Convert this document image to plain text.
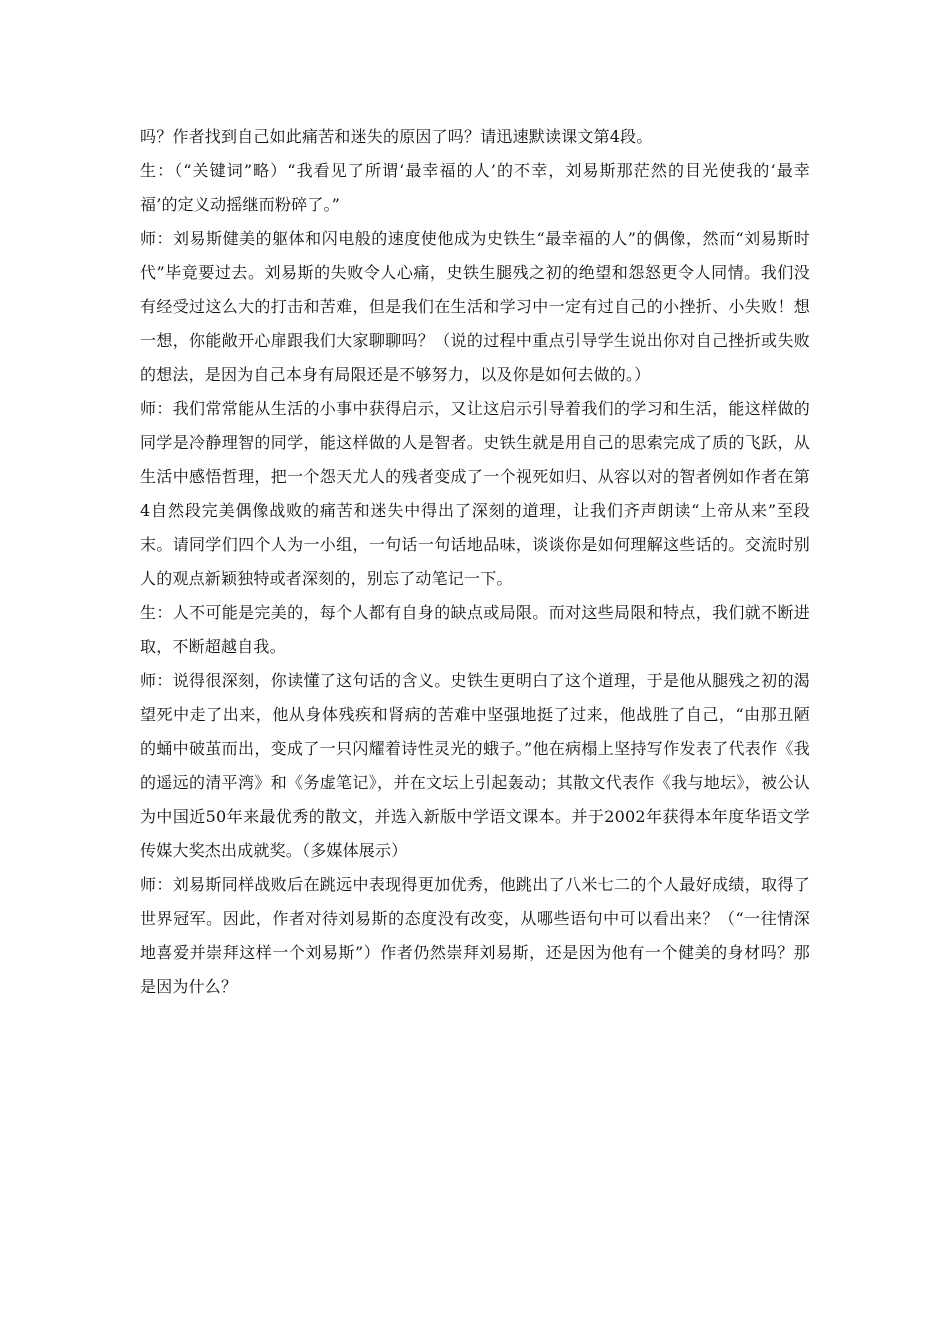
吗？作者找到自己如此痛苦和迷失的原因了吗？请迅速默读课文第4段。

生：（“关键词”略）“我看见了所谓‘最幸福的人’的不幸，刘易斯那茫然的目光使我的‘最幸福’的定义动摇继而粉碎了。”

师：刘易斯健美的躯体和闪电般的速度使他成为史铁生“最幸福的人”的偶像，然而“刘易斯时代”毕竟要过去。刘易斯的失败令人心痛，史铁生腿残之初的绝望和怨怒更令人同情。我们没有经受过这么大的打击和苦难，但是我们在生活和学习中一定有过自己的小挫折、小失败！想一想，你能敞开心扉跟我们大家聊聊吗？（说的过程中重点引导学生说出你对自己挫折或失败的想法，是因为自己本身有局限还是不够努力，以及你是如何去做的。）

师：我们常常能从生活的小事中获得启示，又让这启示引导着我们的学习和生活，能这样做的同学是冷静理智的同学，能这样做的人是智者。史铁生就是用自己的思索完成了质的飞跃，从生活中感悟哲理，把一个怨天尤人的残者变成了一个视死如归、从容以对的智者例如作者在第4自然段完美偶像战败的痛苦和迷失中得出了深刻的道理，让我们齐声朗读“上帝从来”至段末。请同学们四个人为一小组，一句话一句话地品味，谈谈你是如何理解这些话的。交流时别人的观点新颖独特或者深刻的，别忘了动笔记一下。

生：人不可能是完美的，每个人都有自身的缺点或局限。而对这些局限和特点，我们就不断进取，不断超越自我。

师：说得很深刻，你读懂了这句话的含义。史铁生更明白了这个道理，于是他从腿残之初的渴望死中走了出来，他从身体残疾和肾病的苦难中坚强地挺了过来，他战胜了自己，“由那丑陋的蛹中破茧而出，变成了一只闪耀着诗性灵光的蛾子。”他在病榻上坚持写作发表了代表作《我的遥远的清平湾》和《务虚笔记》，并在文坛上引起轰动；其散文代表作《我与地坛》，被公认为中国近50年来最优秀的散文，并选入新版中学语文课本。并于2002年获得本年度华语文学传媒大奖杰出成就奖。（多媒体展示）

师：刘易斯同样战败后在跳远中表现得更加优秀，他跳出了八米七二的个人最好成绩，取得了世界冠军。因此，作者对待刘易斯的态度没有改变，从哪些语句中可以看出来？（“一往情深地喜爱并崇拜这样一个刘易斯”）作者仍然崇拜刘易斯，还是因为他有一个健美的身材吗？那是因为什么？
